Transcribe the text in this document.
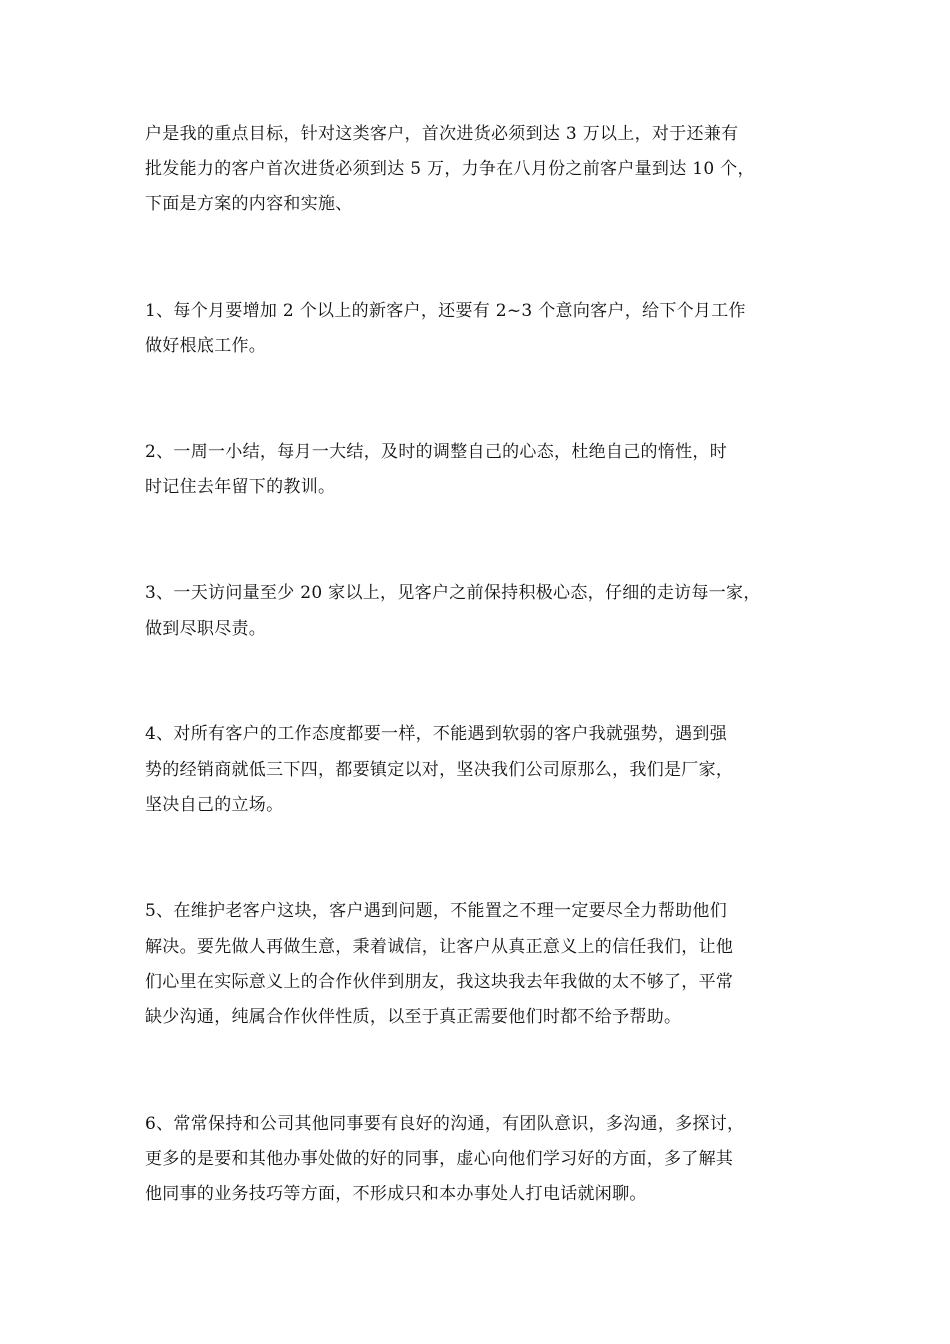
户是我的重点目标，针对这类客户，首次进货必须到达 3 万以上，对于还兼有
批发能力的客户首次进货必须到达 5 万，力争在八月份之前客户量到达 10 个，
下面是方案的内容和实施、
1、每个月要增加 2 个以上的新客户，还要有 2~3 个意向客户，给下个月工作
做好根底工作。
2、一周一小结，每月一大结，及时的调整自己的心态，杜绝自己的惰性，时
时记住去年留下的教训。
3、一天访问量至少 20 家以上，见客户之前保持积极心态，仔细的走访每一家，
做到尽职尽责。
4、对所有客户的工作态度都要一样，不能遇到软弱的客户我就强势，遇到强
势的经销商就低三下四，都要镇定以对，坚决我们公司原那么，我们是厂家，
坚决自己的立场。
5、在维护老客户这块，客户遇到问题，不能置之不理一定要尽全力帮助他们
解决。要先做人再做生意，秉着诚信，让客户从真正意义上的信任我们，让他
们心里在实际意义上的合作伙伴到朋友，我这块我去年我做的太不够了，平常
缺少沟通，纯属合作伙伴性质，以至于真正需要他们时都不给予帮助。
6、常常保持和公司其他同事要有良好的沟通，有团队意识，多沟通，多探讨，
更多的是要和其他办事处做的好的同事，虚心向他们学习好的方面，多了解其
他同事的业务技巧等方面，不形成只和本办事处人打电话就闲聊。
